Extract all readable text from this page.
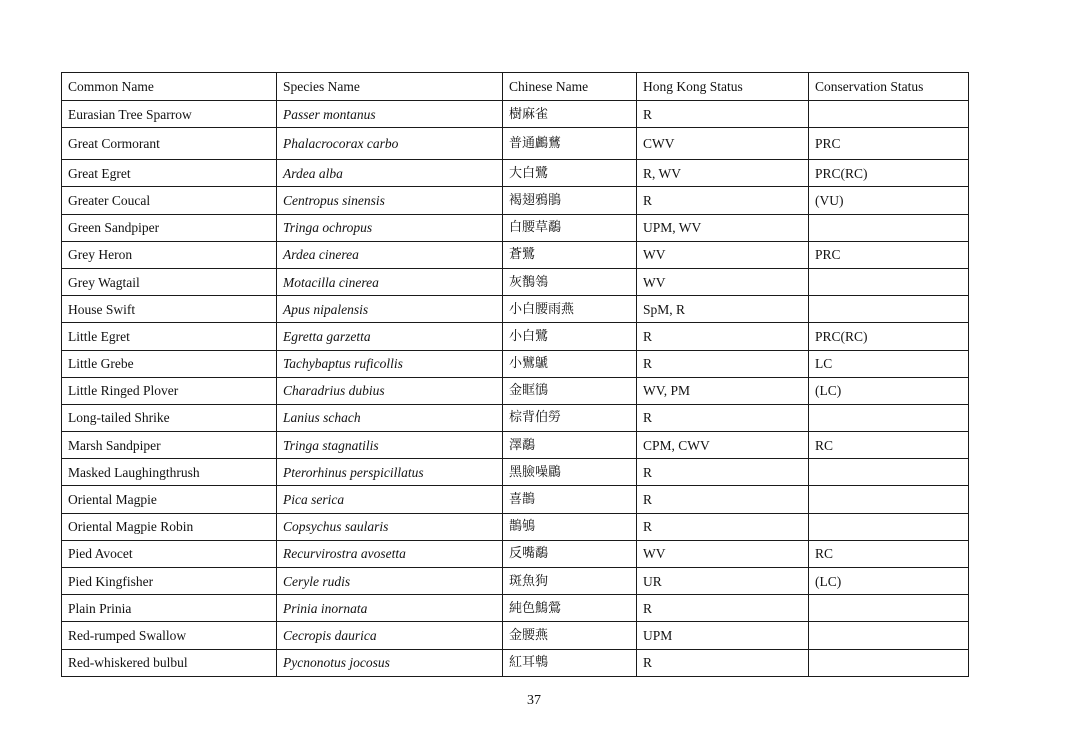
Common Name	Species Name	Chinese Name	Hong Kong Status	Conservation Status
Eurasian Tree Sparrow	Passer montanus	樹麻雀	R	
Great Cormorant	Phalacrocorax carbo	普通鸕鶿	CWV	PRC
Great Egret	Ardea alba	大白鷺	R, WV	PRC(RC)
Greater Coucal	Centropus sinensis	褐翅鴉鵑	R	(VU)
Green Sandpiper	Tringa ochropus	白腰草鷸	UPM, WV	
Grey Heron	Ardea cinerea	蒼鷺	WV	PRC
Grey Wagtail	Motacilla cinerea	灰鶺鴒	WV	
House Swift	Apus nipalensis	小白腰雨燕	SpM, R	
Little Egret	Egretta garzetta	小白鷺	R	PRC(RC)
Little Grebe	Tachybaptus ruficollis	小鷿鷈	R	LC
Little Ringed Plover	Charadrius dubius	金眶鴴	WV, PM	(LC)
Long-tailed Shrike	Lanius schach	棕背伯勞	R	
Marsh Sandpiper	Tringa stagnatilis	澤鷸	CPM, CWV	RC
Masked Laughingthrush	Pterorhinus perspicillatus	黑臉噪鶥	R	
Oriental Magpie	Pica serica	喜鵲	R	
Oriental Magpie Robin	Copsychus saularis	鵲鴝	R	
Pied Avocet	Recurvirostra avosetta	反嘴鷸	WV	RC
Pied Kingfisher	Ceryle rudis	斑魚狗	UR	(LC)
Plain Prinia	Prinia inornata	純色鷦鶯	R	
Red-rumped Swallow	Cecropis daurica	金腰燕	UPM	
Red-whiskered bulbul	Pycnonotus jocosus	紅耳鵯	R	
37
